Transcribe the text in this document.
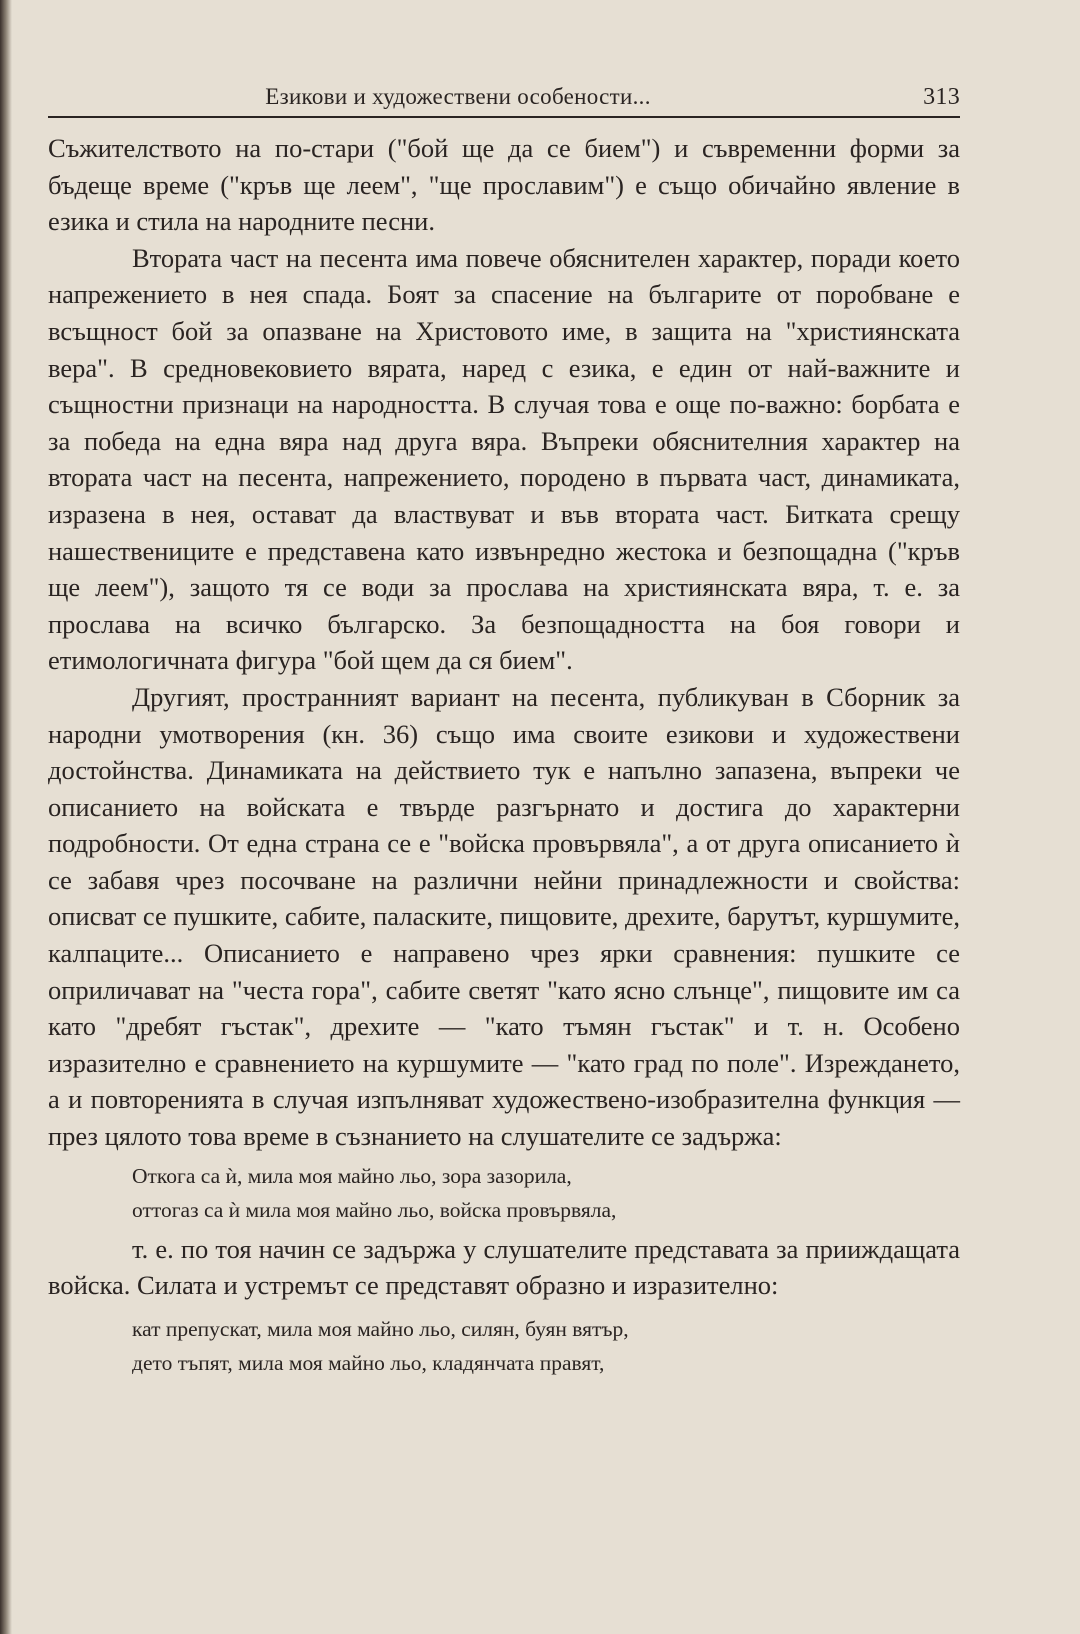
Езикови и художествени особености...	313

Съжителството на по-стари ("бой ще да се бием") и съвременни форми за бъдеще време ("кръв ще леем", "ще прославим") е също обичайно явление в езика и стила на народните песни.

Втората част на песента има повече обяснителен характер, поради което напрежението в нея спада. Боят за спасение на българите от поробване е всъщност бой за опазване на Христовото име, в защита на "християнската вера". В средновековието вярата, наред с езика, е един от най-важните и същностни признаци на народността. В случая това е още по-важно: борбата е за победа на една вяра над друга вяра. Въпреки обяснителния характер на втората част на песента, напрежението, породено в първата част, динамиката, изразена в нея, остават да властвуват и във втората част. Битката срещу нашествениците е представена като извънредно жестока и безпощадна ("кръв ще леем"), защото тя се води за прослава на християнската вяра, т. е. за прослава на всичко българско. За безпощадността на боя говори и етимологичната фигура "бой щем да ся бием".

Другият, пространният вариант на песента, публикуван в Сборник за народни умотворения (кн. 36) също има своите езикови и художествени достойнства. Динамиката на действието тук е напълно запазена, въпреки че описанието на войската е твърде разгърнато и достига до характерни подробности. От една страна се е "войска провървяла", а от друга описанието ѝ се забавя чрез посочване на различни нейни принадлежности и свойства: описват се пушките, сабите, паласките, пищовите, дрехите, барутът, куршумите, калпаците... Описанието е направено чрез ярки сравнения: пушките се оприличават на "честа гора", сабите светят "като ясно слънце", пищовите им са като "дребят гъстак", дрехите — "като тъмян гъстак" и т. н. Особено изразително е сравнението на куршумите — "като град по поле". Изреждането, а и повторенията в случая изпълняват художествено-изобразителна функция — през цялото това време в съзнанието на слушателите се задържа:

Откога са ѝ, мила моя майно льо, зора зазорила,
оттогаз са ѝ мила моя майно льо, войска провървяла,

т. е. по тоя начин се задържа у слушателите представата за прииждащата войска. Силата и устремът се представят образно и изразително:

кат препускат, мила моя майно льо, силян, буян вятър,
дето тъпят, мила моя майно льо, кладянчата правят,
